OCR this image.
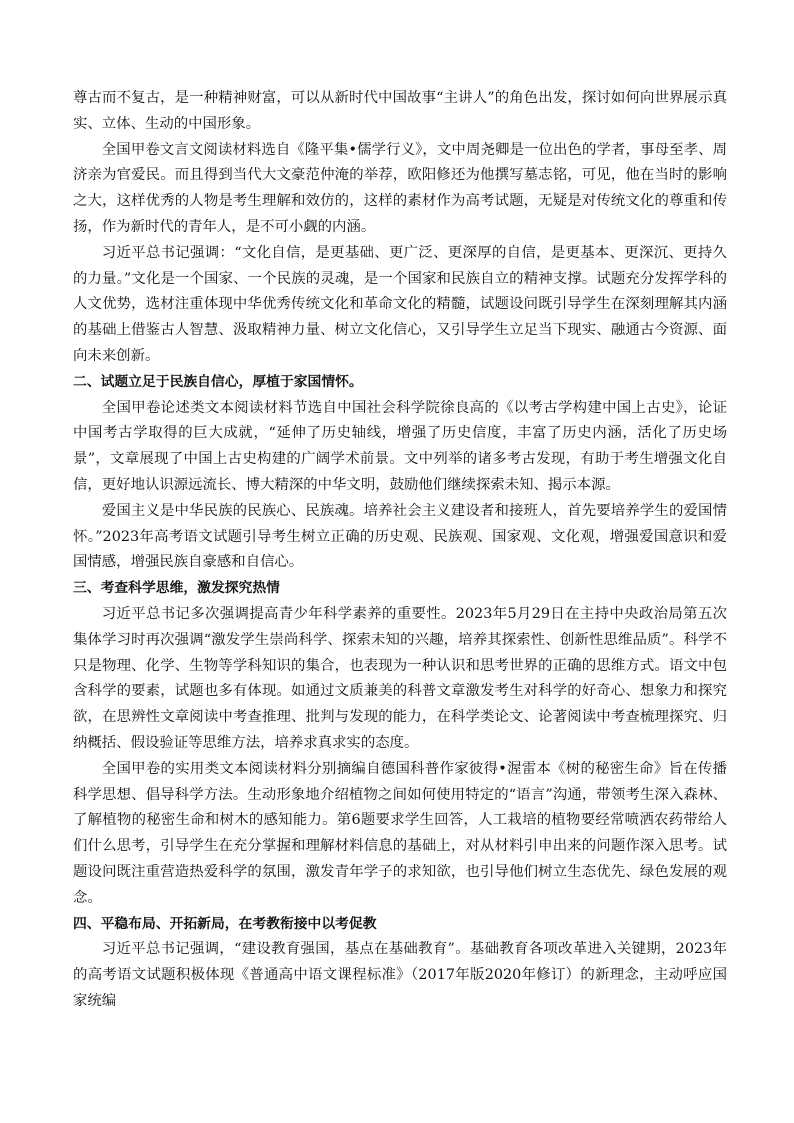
尊古而不复古，是一种精神财富，可以从新时代中国故事“主讲人”的角色出发，探讨如何向世界展示真实、立体、生动的中国形象。

全国甲卷文言文阅读材料选自《隆平集•儒学行义》，文中周尧卿是一位出色的学者，事母至孝、周济亲为官爱民。而且得到当代大文豪范仲淹的举荐，欧阳修还为他撰写墓志铭，可见，他在当时的影响之大，这样优秀的人物是考生理解和效仿的，这样的素材作为高考试题，无疑是对传统文化的尊重和传扬，作为新时代的青年人，是不可小觑的内涵。

习近平总书记强调：“文化自信，是更基础、更广泛、更深厚的自信，是更基本、更深沉、更持久的力量。”文化是一个国家、一个民族的灵魂，是一个国家和民族自立的精神支撑。试题充分发挥学科的人文优势，选材注重体现中华优秀传统文化和革命文化的精髓，试题设问既引导学生在深刻理解其内涵的基础上借鉴古人智慧、汲取精神力量、树立文化信心，又引导学生立足当下现实、融通古今资源、面向未来创新。

二、试题立足于民族自信心，厚植于家国情怀。

全国甲卷论述类文本阅读材料节选自中国社会科学院徐良高的《以考古学构建中国上古史》，论证中国考古学取得的巨大成就，“延伸了历史轴线，增强了历史信度，丰富了历史内涵，活化了历史场景”，文章展现了中国上古史构建的广阔学术前景。文中列举的诸多考古发现，有助于考生增强文化自信，更好地认识源远流长、博大精深的中华文明，鼓励他们继续探索未知、揭示本源。

爱国主义是中华民族的民族心、民族魂。培养社会主义建设者和接班人，首先要培养学生的爱国情怀。”2023年高考语文试题引导考生树立正确的历史观、民族观、国家观、文化观，增强爱国意识和爱国情感，增强民族自豪感和自信心。

三、考查科学思维，激发探究热情

习近平总书记多次强调提高青少年科学素养的重要性。2023年5月29日在主持中央政治局第五次集体学习时再次强调“激发学生崇尚科学、探索未知的兴趣，培养其探索性、创新性思维品质”。科学不只是物理、化学、生物等学科知识的集合，也表现为一种认识和思考世界的正确的思维方式。语文中包含科学的要素，试题也多有体现。如通过文质兼美的科普文章激发考生对科学的好奇心、想象力和探究欲，在思辨性文章阅读中考查推理、批判与发现的能力，在科学类论文、论著阅读中考查梳理探究、归纳概括、假设验证等思维方法，培养求真求实的态度。

全国甲卷的实用类文本阅读材料分别摘编自德国科普作家彼得•渥雷本《树的秘密生命》旨在传播科学思想、倡导科学方法。生动形象地介绍植物之间如何使用特定的“语言”沟通，带领考生深入森林、了解植物的秘密生命和树木的感知能力。第6题要求学生回答，人工栽培的植物要经常喷洒农药带给人们什么思考，引导学生在充分掌握和理解材料信息的基础上，对从材料引申出来的问题作深入思考。试题设问既注重营造热爱科学的氛围，激发青年学子的求知欲，也引导他们树立生态优先、绿色发展的观念。

四、平稳布局、开拓新局，在考教衔接中以考促教

习近平总书记强调，“建设教育强国，基点在基础教育”。基础教育各项改革进入关键期，2023年的高考语文试题积极体现《普通高中语文课程标准》（2017年版2020年修订）的新理念，主动呼应国家统编
